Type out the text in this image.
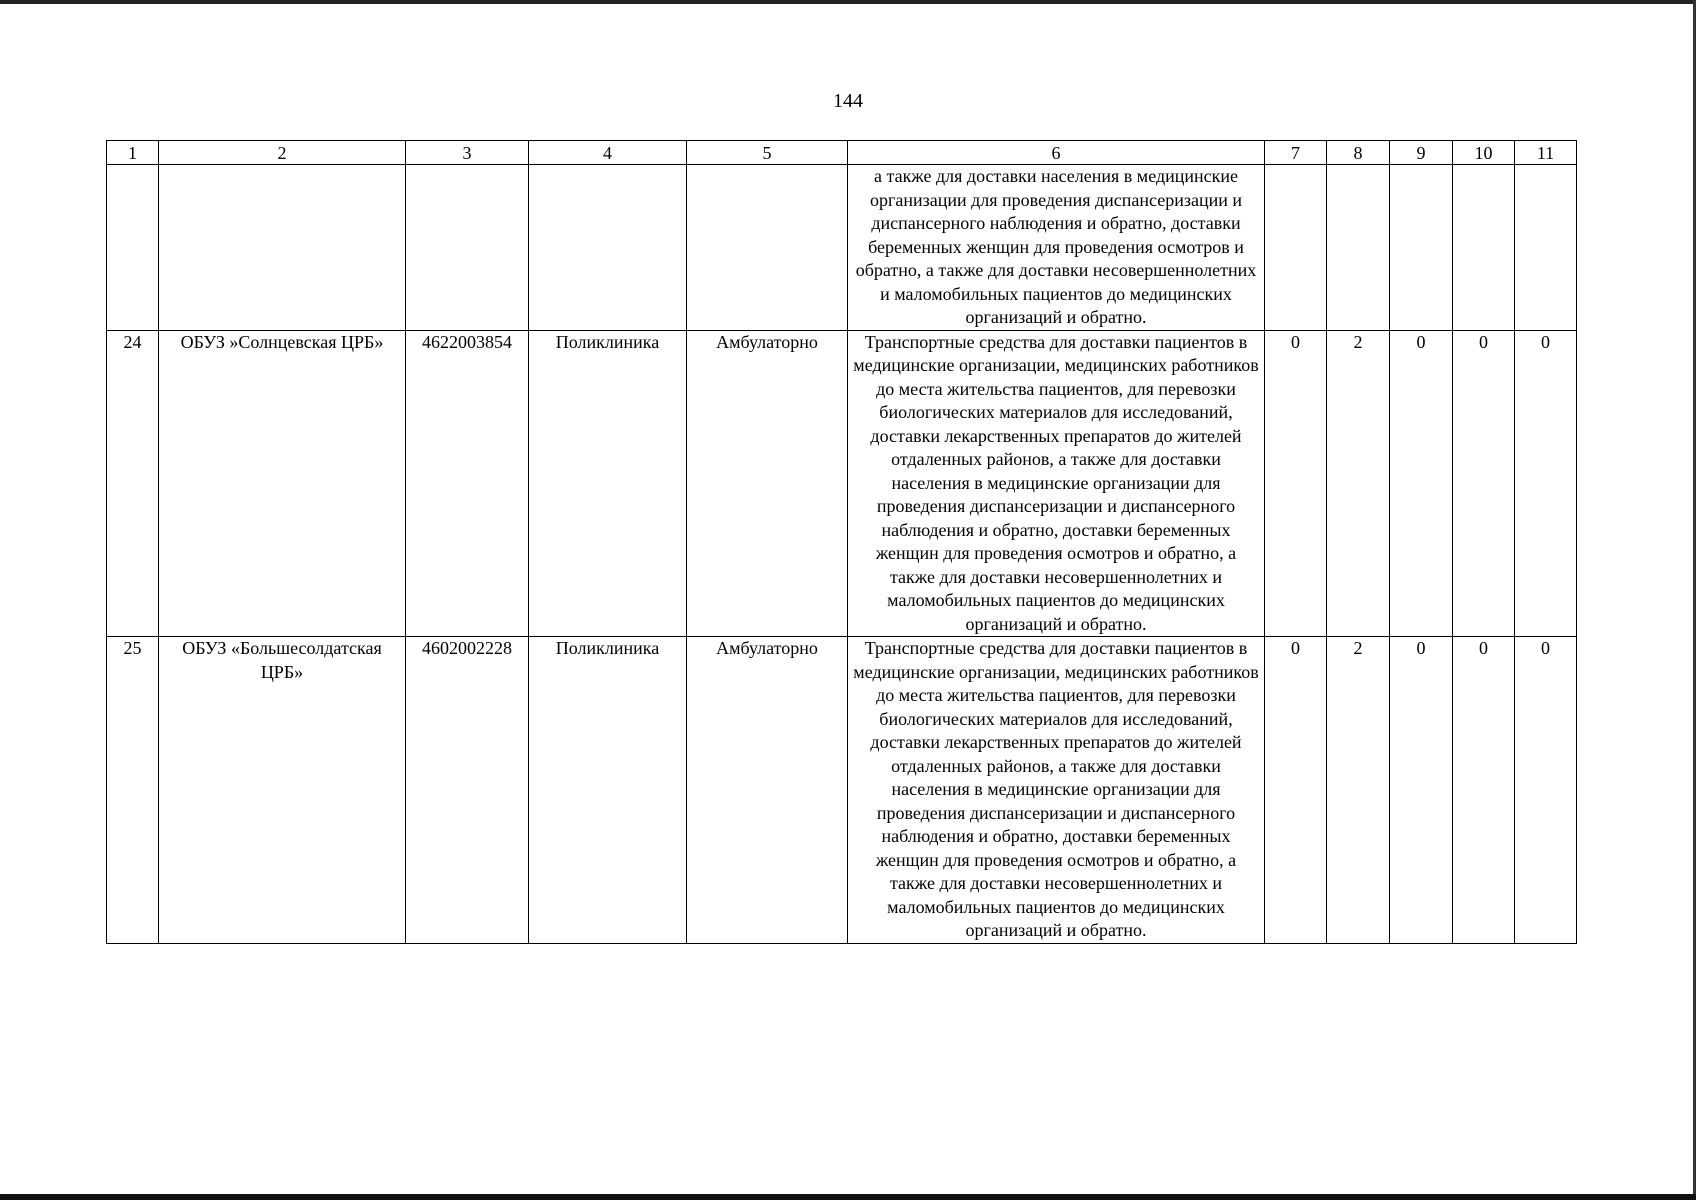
144
1	2	3	4	5	6	7	8	9	10	11
					а также для доставки населения в медицинские организации для проведения диспансеризации и диспансерного наблюдения и обратно, доставки беременных женщин для проведения осмотров и обратно, а также для доставки несовершеннолетних и маломобильных пациентов до медицинских организаций и обратно.					
24	ОБУЗ »Солнцевская ЦРБ»	4622003854	Поликлиника	Амбулаторно	Транспортные средства для доставки пациентов в медицинские организации, медицинских работников до места жительства пациентов, для перевозки биологических материалов для исследований, доставки лекарственных препаратов до жителей отдаленных районов, а также для доставки населения в медицинские организации для проведения диспансеризации и диспансерного наблюдения и обратно, доставки беременных женщин для проведения осмотров и обратно, а также для доставки несовершеннолетних и маломобильных пациентов до медицинских организаций и обратно.	0	2	0	0	0
25	ОБУЗ «Большесолдатская ЦРБ»	4602002228	Поликлиника	Амбулаторно	Транспортные средства для доставки пациентов в медицинские организации, медицинских работников до места жительства пациентов, для перевозки биологических материалов для исследований, доставки лекарственных препаратов до жителей отдаленных районов, а также для доставки населения в медицинские организации для проведения диспансеризации и диспансерного наблюдения и обратно, доставки беременных женщин для проведения осмотров и обратно, а также для доставки несовершеннолетних и маломобильных пациентов до медицинских организаций и обратно.	0	2	0	0	0
